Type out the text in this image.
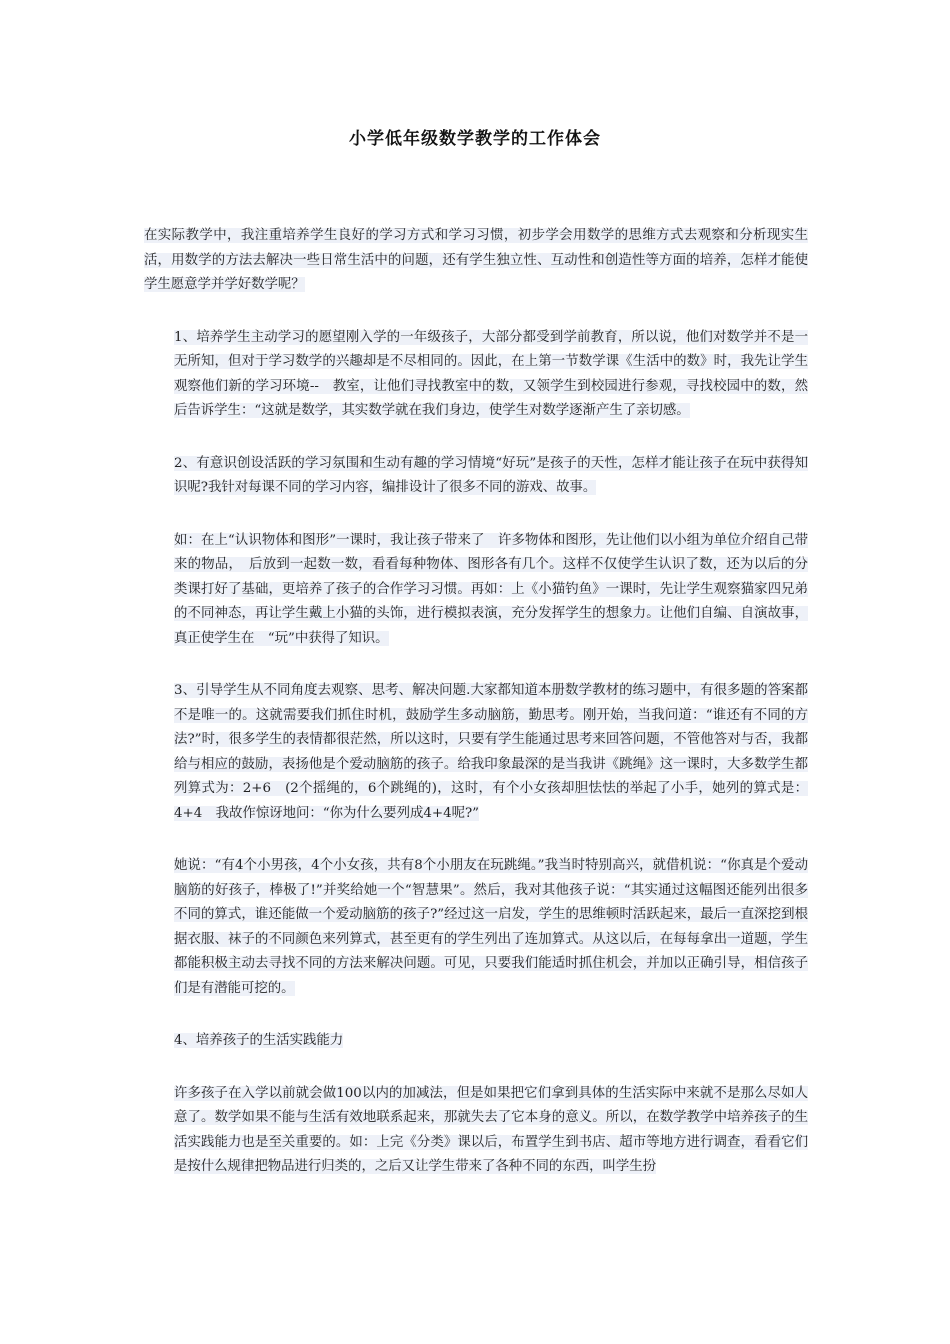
小学低年级数学教学的工作体会

在实际教学中，我注重培养学生良好的学习方式和学习习惯，初步学会用数学的思维方式去观察和分析现实生活，用数学的方法去解决一些日常生活中的问题，还有学生独立性、互动性和创造性等方面的培养，怎样才能使学生愿意学并学好数学呢？

1、培养学生主动学习的愿望刚入学的一年级孩子，大部分都受到学前教育，所以说，他们对数学并不是一无所知，但对于学习数学的兴趣却是不尽相同的。因此，在上第一节数学课《生活中的数》时，我先让学生观察他们新的学习环境--　教室，让他们寻找教室中的数，又领学生到校园进行参观，寻找校园中的数，然后告诉学生：“这就是数学，其实数学就在我们身边，使学生对数学逐渐产生了亲切感。

2、有意识创设活跃的学习氛围和生动有趣的学习情境“好玩”是孩子的天性，怎样才能让孩子在玩中获得知识呢?我针对每课不同的学习内容，编排设计了很多不同的游戏、故事。

如：在上“认识物体和图形”一课时，我让孩子带来了　许多物体和图形，先让他们以小组为单位介绍自己带来的物品，　后放到一起数一数，看看每种物体、图形各有几个。这样不仅使学生认识了数，还为以后的分类课打好了基础，更培养了孩子的合作学习习惯。再如：上《小猫钓鱼》一课时，先让学生观察猫家四兄弟的不同神态，再让学生戴上小猫的头饰，进行模拟表演，充分发挥学生的想象力。让他们自编、自演故事，真正使学生在　“玩”中获得了知识。

3、引导学生从不同角度去观察、思考、解决问题.大家都知道本册数学教材的练习题中，有很多题的答案都不是唯一的。这就需要我们抓住时机，鼓励学生多动脑筋，勤思考。刚开始，当我问道：“谁还有不同的方法?”时，很多学生的表情都很茫然，所以这时，只要有学生能通过思考来回答问题，不管他答对与否，我都给与相应的鼓励，表扬他是个爱动脑筋的孩子。给我印象最深的是当我讲《跳绳》这一课时，大多数学生都列算式为：2+6　(2个摇绳的，6个跳绳的)，这时，有个小女孩却胆怯怯的举起了小手，她列的算式是：4+4　我故作惊讶地问：“你为什么要列成4+4呢?”

她说：“有4个小男孩，4个小女孩，共有8个小朋友在玩跳绳。”我当时特别高兴，就借机说：“你真是个爱动脑筋的好孩子，棒极了!”并奖给她一个“智慧果”。然后，我对其他孩子说：“其实通过这幅图还能列出很多不同的算式，谁还能做一个爱动脑筋的孩子?”经过这一启发，学生的思维顿时活跃起来，最后一直深挖到根据衣服、袜子的不同颜色来列算式，甚至更有的学生列出了连加算式。从这以后，在每每拿出一道题，学生都能积极主动去寻找不同的方法来解决问题。可见，只要我们能适时抓住机会，并加以正确引导，相信孩子们是有潜能可挖的。

4、培养孩子的生活实践能力

许多孩子在入学以前就会做100以内的加减法，但是如果把它们拿到具体的生活实际中来就不是那么尽如人意了。数学如果不能与生活有效地联系起来，那就失去了它本身的意义。所以，在数学教学中培养孩子的生活实践能力也是至关重要的。如：上完《分类》课以后，布置学生到书店、超市等地方进行调查，看看它们是按什么规律把物品进行归类的，之后又让学生带来了各种不同的东西，叫学生扮
